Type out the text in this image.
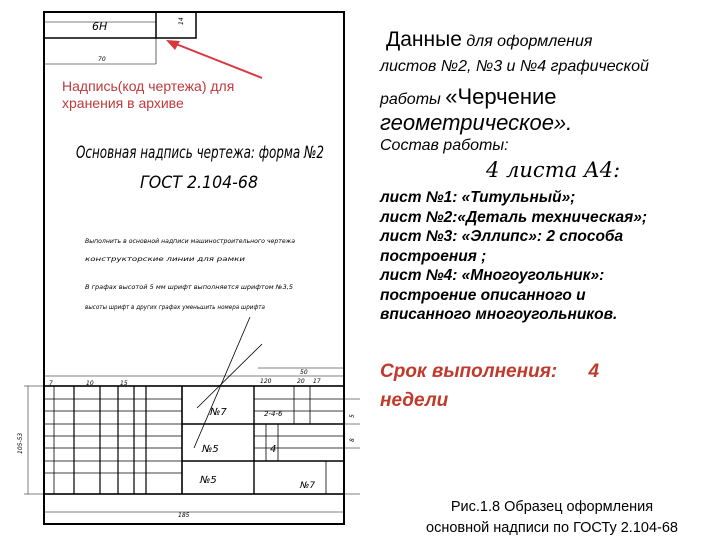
6Н	14
70
Основная надпись чертежа: форма №2
ГОСТ 2.104-68
Выполнить в основной надписи машиностроительного чертежа
конструкторские линии для рамки
В графах высотой 5 мм шрифт выполняется шрифтом №3,5
высоты шрифт в других графах уменьшить номера шрифта
7	10	15
185
105-53
5
8
50
120	20 17
№7	2-4-6
№5	4
№5	№7
Надпись(код чертежа) для
хранения в архиве
Данные для оформления
листов №2, №3 и №4 графической
работы «Черчение
геометрическое».
Состав работы:
4 листа А4:
лист №1: «Титульный»;
лист №2:«Деталь техническая»;
лист №3: «Эллипс»: 2 способа
построения ;
лист №4: «Многоугольник»:
построение описанного и
вписанного многоугольников.
Срок выполнения: 4
недели
Рис.1.8 Образец оформления
основной надписи по ГОСТу 2.104-68
